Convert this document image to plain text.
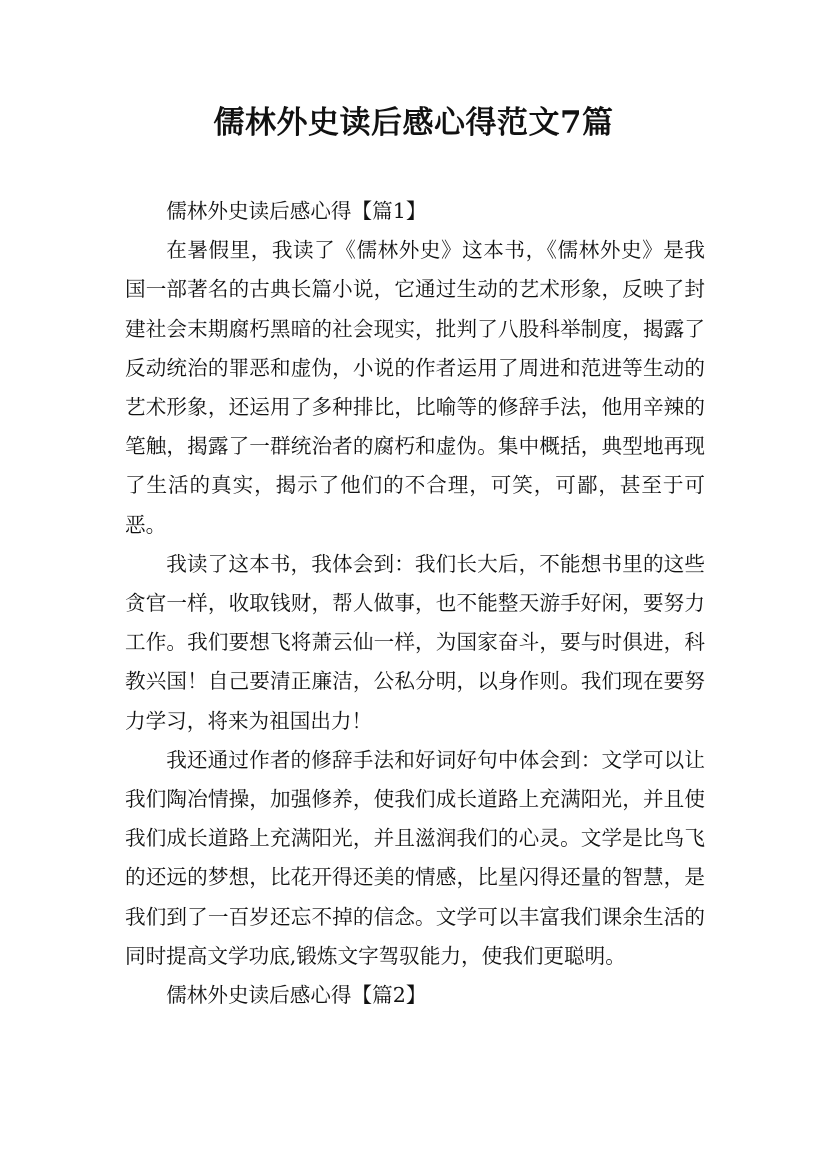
儒林外史读后感心得范文7篇

儒林外史读后感心得【篇1】

在暑假里，我读了《儒林外史》这本书，《儒林外史》是我国一部著名的古典长篇小说，它通过生动的艺术形象，反映了封建社会末期腐朽黑暗的社会现实，批判了八股科举制度，揭露了反动统治的罪恶和虚伪，小说的作者运用了周进和范进等生动的艺术形象，还运用了多种排比，比喻等的修辞手法，他用辛辣的笔触，揭露了一群统治者的腐朽和虚伪。集中概括，典型地再现了生活的真实，揭示了他们的不合理，可笑，可鄙，甚至于可恶。

我读了这本书，我体会到：我们长大后，不能想书里的这些贪官一样，收取钱财，帮人做事，也不能整天游手好闲，要努力工作。我们要想飞将萧云仙一样，为国家奋斗，要与时俱进，科教兴国！自己要清正廉洁，公私分明，以身作则。我们现在要努力学习，将来为祖国出力！

我还通过作者的修辞手法和好词好句中体会到：文学可以让我们陶冶情操，加强修养，使我们成长道路上充满阳光，并且使我们成长道路上充满阳光，并且滋润我们的心灵。文学是比鸟飞的还远的梦想，比花开得还美的情感，比星闪得还量的智慧，是我们到了一百岁还忘不掉的信念。文学可以丰富我们课余生活的同时提高文学功底,锻炼文字驾驭能力，使我们更聪明。

儒林外史读后感心得【篇2】
